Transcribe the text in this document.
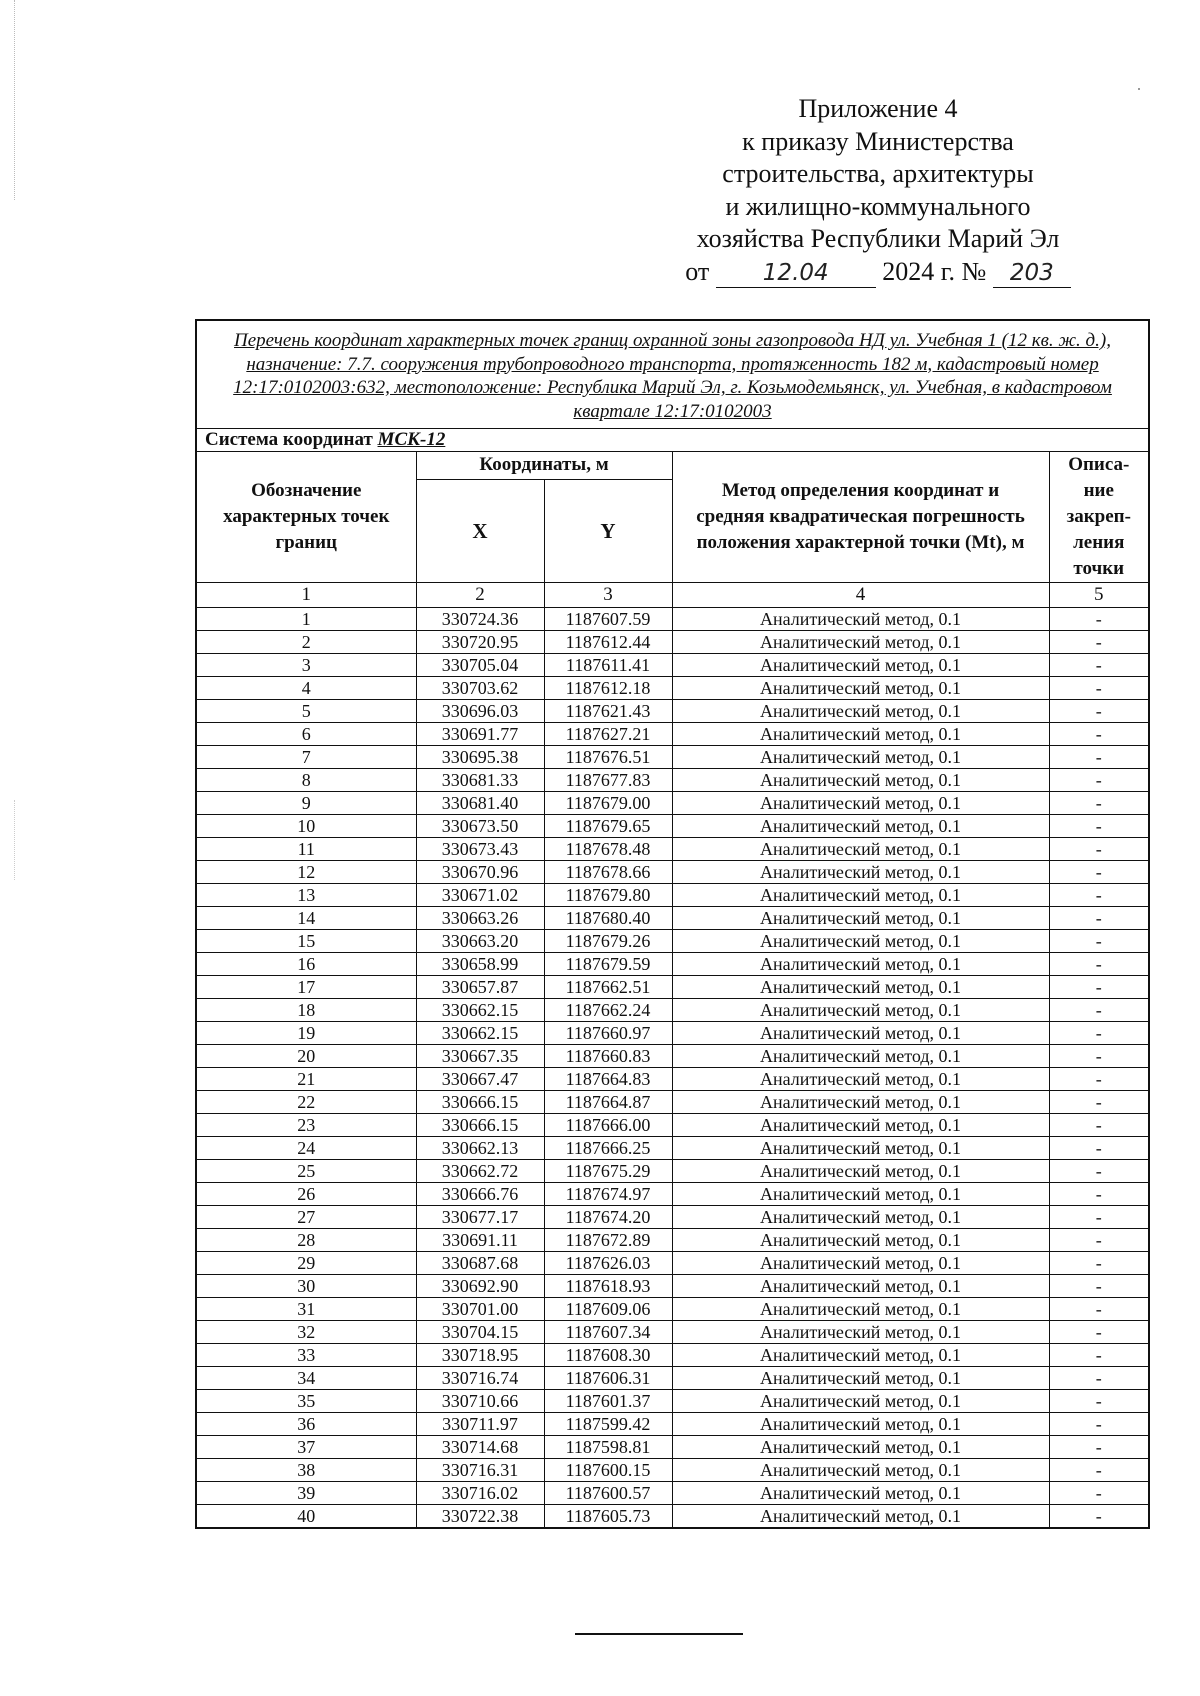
Приложение 4
к приказу Министерства
строительства, архитектуры
и жилищно-коммунального
хозяйства Республики Марий Эл
от 12.04 2024 г. № 203
Перечень координат характерных точек границ охранной зоны газопровода НД ул. Учебная 1 (12 кв. ж. д.), назначение: 7.7. сооружения трубопроводного транспорта, протяженность 182 м, кадастровый номер 12:17:0102003:632, местоположение: Республика Марий Эл, г. Козьмодемьянск, ул. Учебная, в кадастровом квартале 12:17:0102003				
Система координат МСК-12				
Обозначение характерных точек границ	Координаты, м		Метод определения координат и средняя квадратическая погрешность положения характерной точки (Mt), м	Описа-ние закреп-ления точки
	X	Y		
1	2	3	4	5
1	330724.36	1187607.59	Аналитический метод, 0.1	-
2	330720.95	1187612.44	Аналитический метод, 0.1	-
3	330705.04	1187611.41	Аналитический метод, 0.1	-
4	330703.62	1187612.18	Аналитический метод, 0.1	-
5	330696.03	1187621.43	Аналитический метод, 0.1	-
6	330691.77	1187627.21	Аналитический метод, 0.1	-
7	330695.38	1187676.51	Аналитический метод, 0.1	-
8	330681.33	1187677.83	Аналитический метод, 0.1	-
9	330681.40	1187679.00	Аналитический метод, 0.1	-
10	330673.50	1187679.65	Аналитический метод, 0.1	-
11	330673.43	1187678.48	Аналитический метод, 0.1	-
12	330670.96	1187678.66	Аналитический метод, 0.1	-
13	330671.02	1187679.80	Аналитический метод, 0.1	-
14	330663.26	1187680.40	Аналитический метод, 0.1	-
15	330663.20	1187679.26	Аналитический метод, 0.1	-
16	330658.99	1187679.59	Аналитический метод, 0.1	-
17	330657.87	1187662.51	Аналитический метод, 0.1	-
18	330662.15	1187662.24	Аналитический метод, 0.1	-
19	330662.15	1187660.97	Аналитический метод, 0.1	-
20	330667.35	1187660.83	Аналитический метод, 0.1	-
21	330667.47	1187664.83	Аналитический метод, 0.1	-
22	330666.15	1187664.87	Аналитический метод, 0.1	-
23	330666.15	1187666.00	Аналитический метод, 0.1	-
24	330662.13	1187666.25	Аналитический метод, 0.1	-
25	330662.72	1187675.29	Аналитический метод, 0.1	-
26	330666.76	1187674.97	Аналитический метод, 0.1	-
27	330677.17	1187674.20	Аналитический метод, 0.1	-
28	330691.11	1187672.89	Аналитический метод, 0.1	-
29	330687.68	1187626.03	Аналитический метод, 0.1	-
30	330692.90	1187618.93	Аналитический метод, 0.1	-
31	330701.00	1187609.06	Аналитический метод, 0.1	-
32	330704.15	1187607.34	Аналитический метод, 0.1	-
33	330718.95	1187608.30	Аналитический метод, 0.1	-
34	330716.74	1187606.31	Аналитический метод, 0.1	-
35	330710.66	1187601.37	Аналитический метод, 0.1	-
36	330711.97	1187599.42	Аналитический метод, 0.1	-
37	330714.68	1187598.81	Аналитический метод, 0.1	-
38	330716.31	1187600.15	Аналитический метод, 0.1	-
39	330716.02	1187600.57	Аналитический метод, 0.1	-
40	330722.38	1187605.73	Аналитический метод, 0.1	-
